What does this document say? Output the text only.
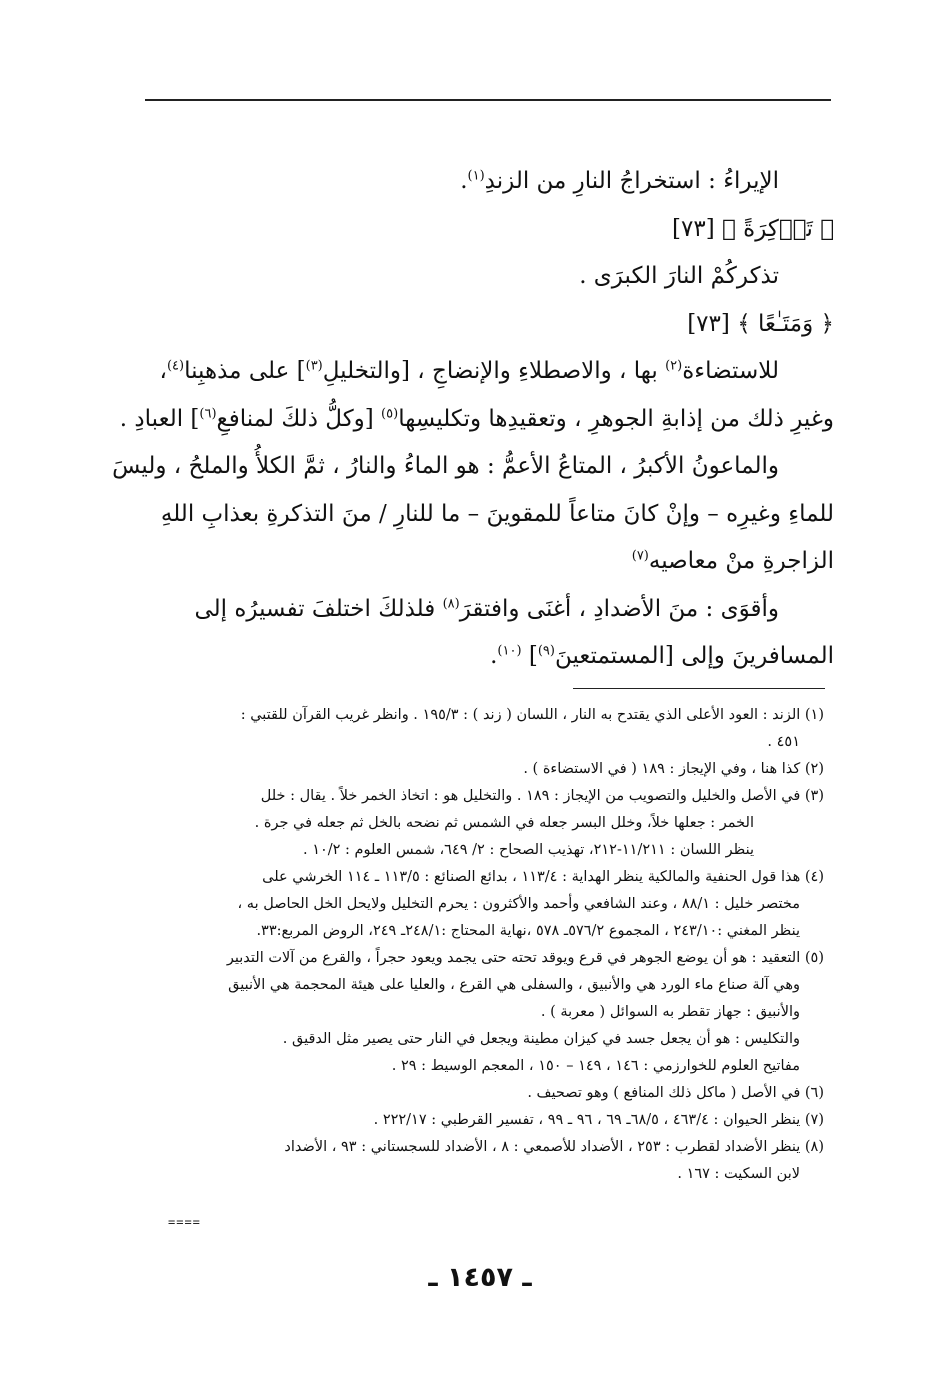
الإيراءُ : استخراجُ النارِ من الزندِ$^{(١)}$.
﴿ تَذۡكِرَةً ﴾ [٧٣]
تذكركُمْ النارَ الكبرَى .
﴿ وَمَتَـٰعًا ﴾ [٧٣]
للاستضاءة$^{(٢)}$ بها ، والاصطلاءِ والإنضاجِ ، [والتخليلِ$^{(٣)}$] على مذهبِنا$^{(٤)}$،
وغيرِ ذلك من إذابةِ الجوهرِ ، وتعقيدِها وتكليسِها$^{(٥)}$ [وكلُّ ذلكَ لمنافعِ$^{(٦)}$] العبادِ .
والماعونُ الأكبرُ ، المتاعُ الأعمُّ : هو الماءُ والنارُ ، ثمَّ الكلأُ والملحُ ، وليسَ
للماءِ وغيرِه – وإنْ كانَ متاعاً للمقوينَ – ما للنارِ / منَ التذكرةِ بعذابِ اللهِ
الزاجرةِ منْ معاصيه$^{(٧)}$
وأقوَى : منَ الأضدادِ ، أغنَى وافتقرَ$^{(٨)}$ فلذلكَ اختلفَ تفسيرُه إلى
المسافرينَ وإلى [المستمتعينَ$^{(٩)}$] $^{(١٠)}$.
(١) الزند : العود الأعلى الذي يقتدح به النار ، اللسان ( زند ) : ١٩٥/٣ . وانظر غريب القرآن للقتبي :
٤٥١ .
(٢) كذا هنا ، وفي الإيجاز : ١٨٩ ( في الاستضاءة ) .
(٣) في الأصل والخليل والتصويب من الإيجاز : ١٨٩ . والتخليل هو : اتخاذ الخمر خلاً . يقال : خلل
الخمر : جعلها خلاً، وخلل البسر جعله في الشمس ثم نضحه بالخل ثم جعله في جرة .
ينظر اللسان : ١١/٢١١-٢١٢، تهذيب الصحاح : ٢/ ٦٤٩، شمس العلوم : ١٠/٢ .
(٤) هذا قول الحنفية والمالكية ينظر الهداية : ١١٣/٤ ، بدائع الصنائع : ١١٣/٥ ـ ١١٤ الخرشي على
مختصر خليل : ٨٨/١ ، وعند الشافعي وأحمد والأكثرون : يحرم التخليل ولايحل الخل الحاصل به ،
ينظر المغني :٢٤٣/١٠ ، المجموع ٥٧٦/٢ـ ٥٧٨ ،نهاية المحتاج :٢٤٨/١ـ ٢٤٩، الروض المربع:٣٣.
(٥) التعقيد : هو أن يوضع الجوهر في قرع ويوقد تحته حتى يجمد ويعود حجراً ، والقرع من آلات التدبير
وهي آلة صناع ماء الورد هي والأنبيق ، والسفلى هي القرع ، والعليا على هيئة المحجمة هي الأنبيق
والأنبيق : جهاز تقطر به السوائل ( معربة ) .
والتكليس : هو أن يجعل جسد في كيزان مطينة ويجعل في النار حتى يصير مثل الدقيق .
مفاتيح العلوم للخوارزمي : ١٤٦ ، ١٤٩ – ١٥٠ ، المعجم الوسيط : ٢٩ .
(٦) في الأصل ( ماكل ذلك المنافع ) وهو تصحيف .
(٧) ينظر الحيوان : ٤٦٣/٤ ، ٦٨/٥ـ ٦٩ ، ٩٦ ـ ٩٩ ، تفسير القرطبي : ٢٢٢/١٧ .
(٨) ينظر الأضداد لقطرب : ٢٥٣ ، الأضداد للأصمعي : ٨ ، الأضداد للسجستاني : ٩٣ ، الأضداد
لابن السكيت : ١٦٧ .
====
ـ ١٤٥٧ ـ
